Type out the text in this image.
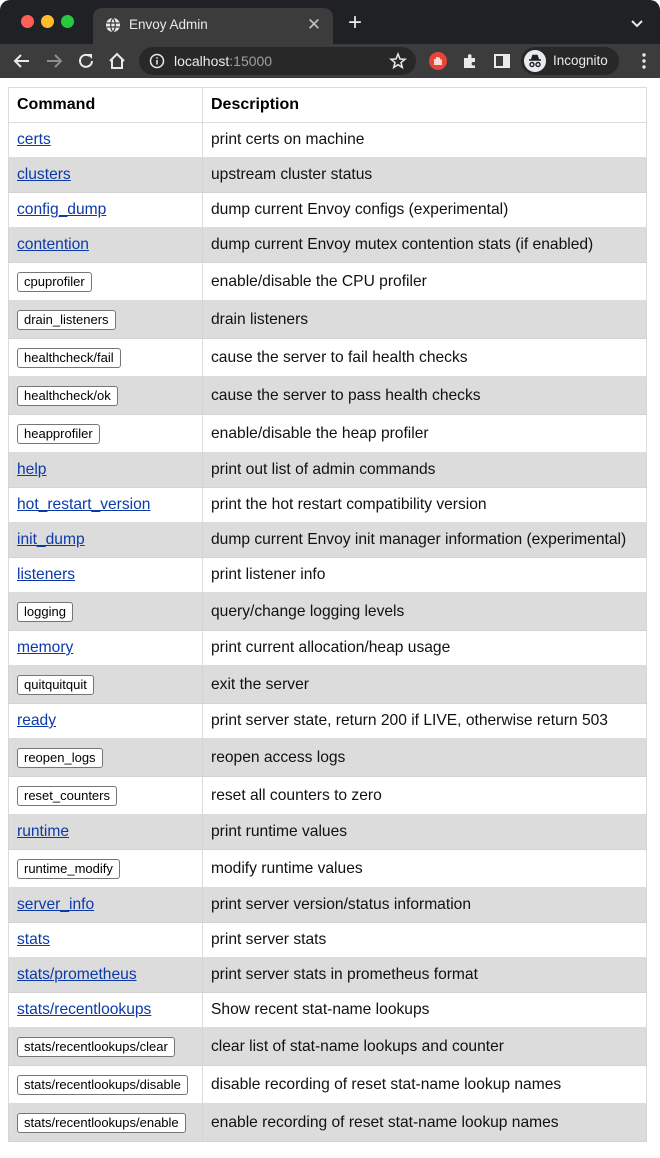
Envoy Admin	✕ +
localhost:15000	Incognito
Command	Description
certs	print certs on machine
clusters	upstream cluster status
config_dump	dump current Envoy configs (experimental)
contention	dump current Envoy mutex contention stats (if enabled)
cpuprofiler	enable/disable the CPU profiler
drain_listeners	drain listeners
healthcheck/fail	cause the server to fail health checks
healthcheck/ok	cause the server to pass health checks
heapprofiler	enable/disable the heap profiler
help	print out list of admin commands
hot_restart_version	print the hot restart compatibility version
init_dump	dump current Envoy init manager information (experimental)
listeners	print listener info
logging	query/change logging levels
memory	print current allocation/heap usage
quitquitquit	exit the server
ready	print server state, return 200 if LIVE, otherwise return 503
reopen_logs	reopen access logs
reset_counters	reset all counters to zero
runtime	print runtime values
runtime_modify	modify runtime values
server_info	print server version/status information
stats	print server stats
stats/prometheus	print server stats in prometheus format
stats/recentlookups	Show recent stat-name lookups
stats/recentlookups/clear	clear list of stat-name lookups and counter
stats/recentlookups/disable	disable recording of reset stat-name lookup names
stats/recentlookups/enable	enable recording of reset stat-name lookup names
